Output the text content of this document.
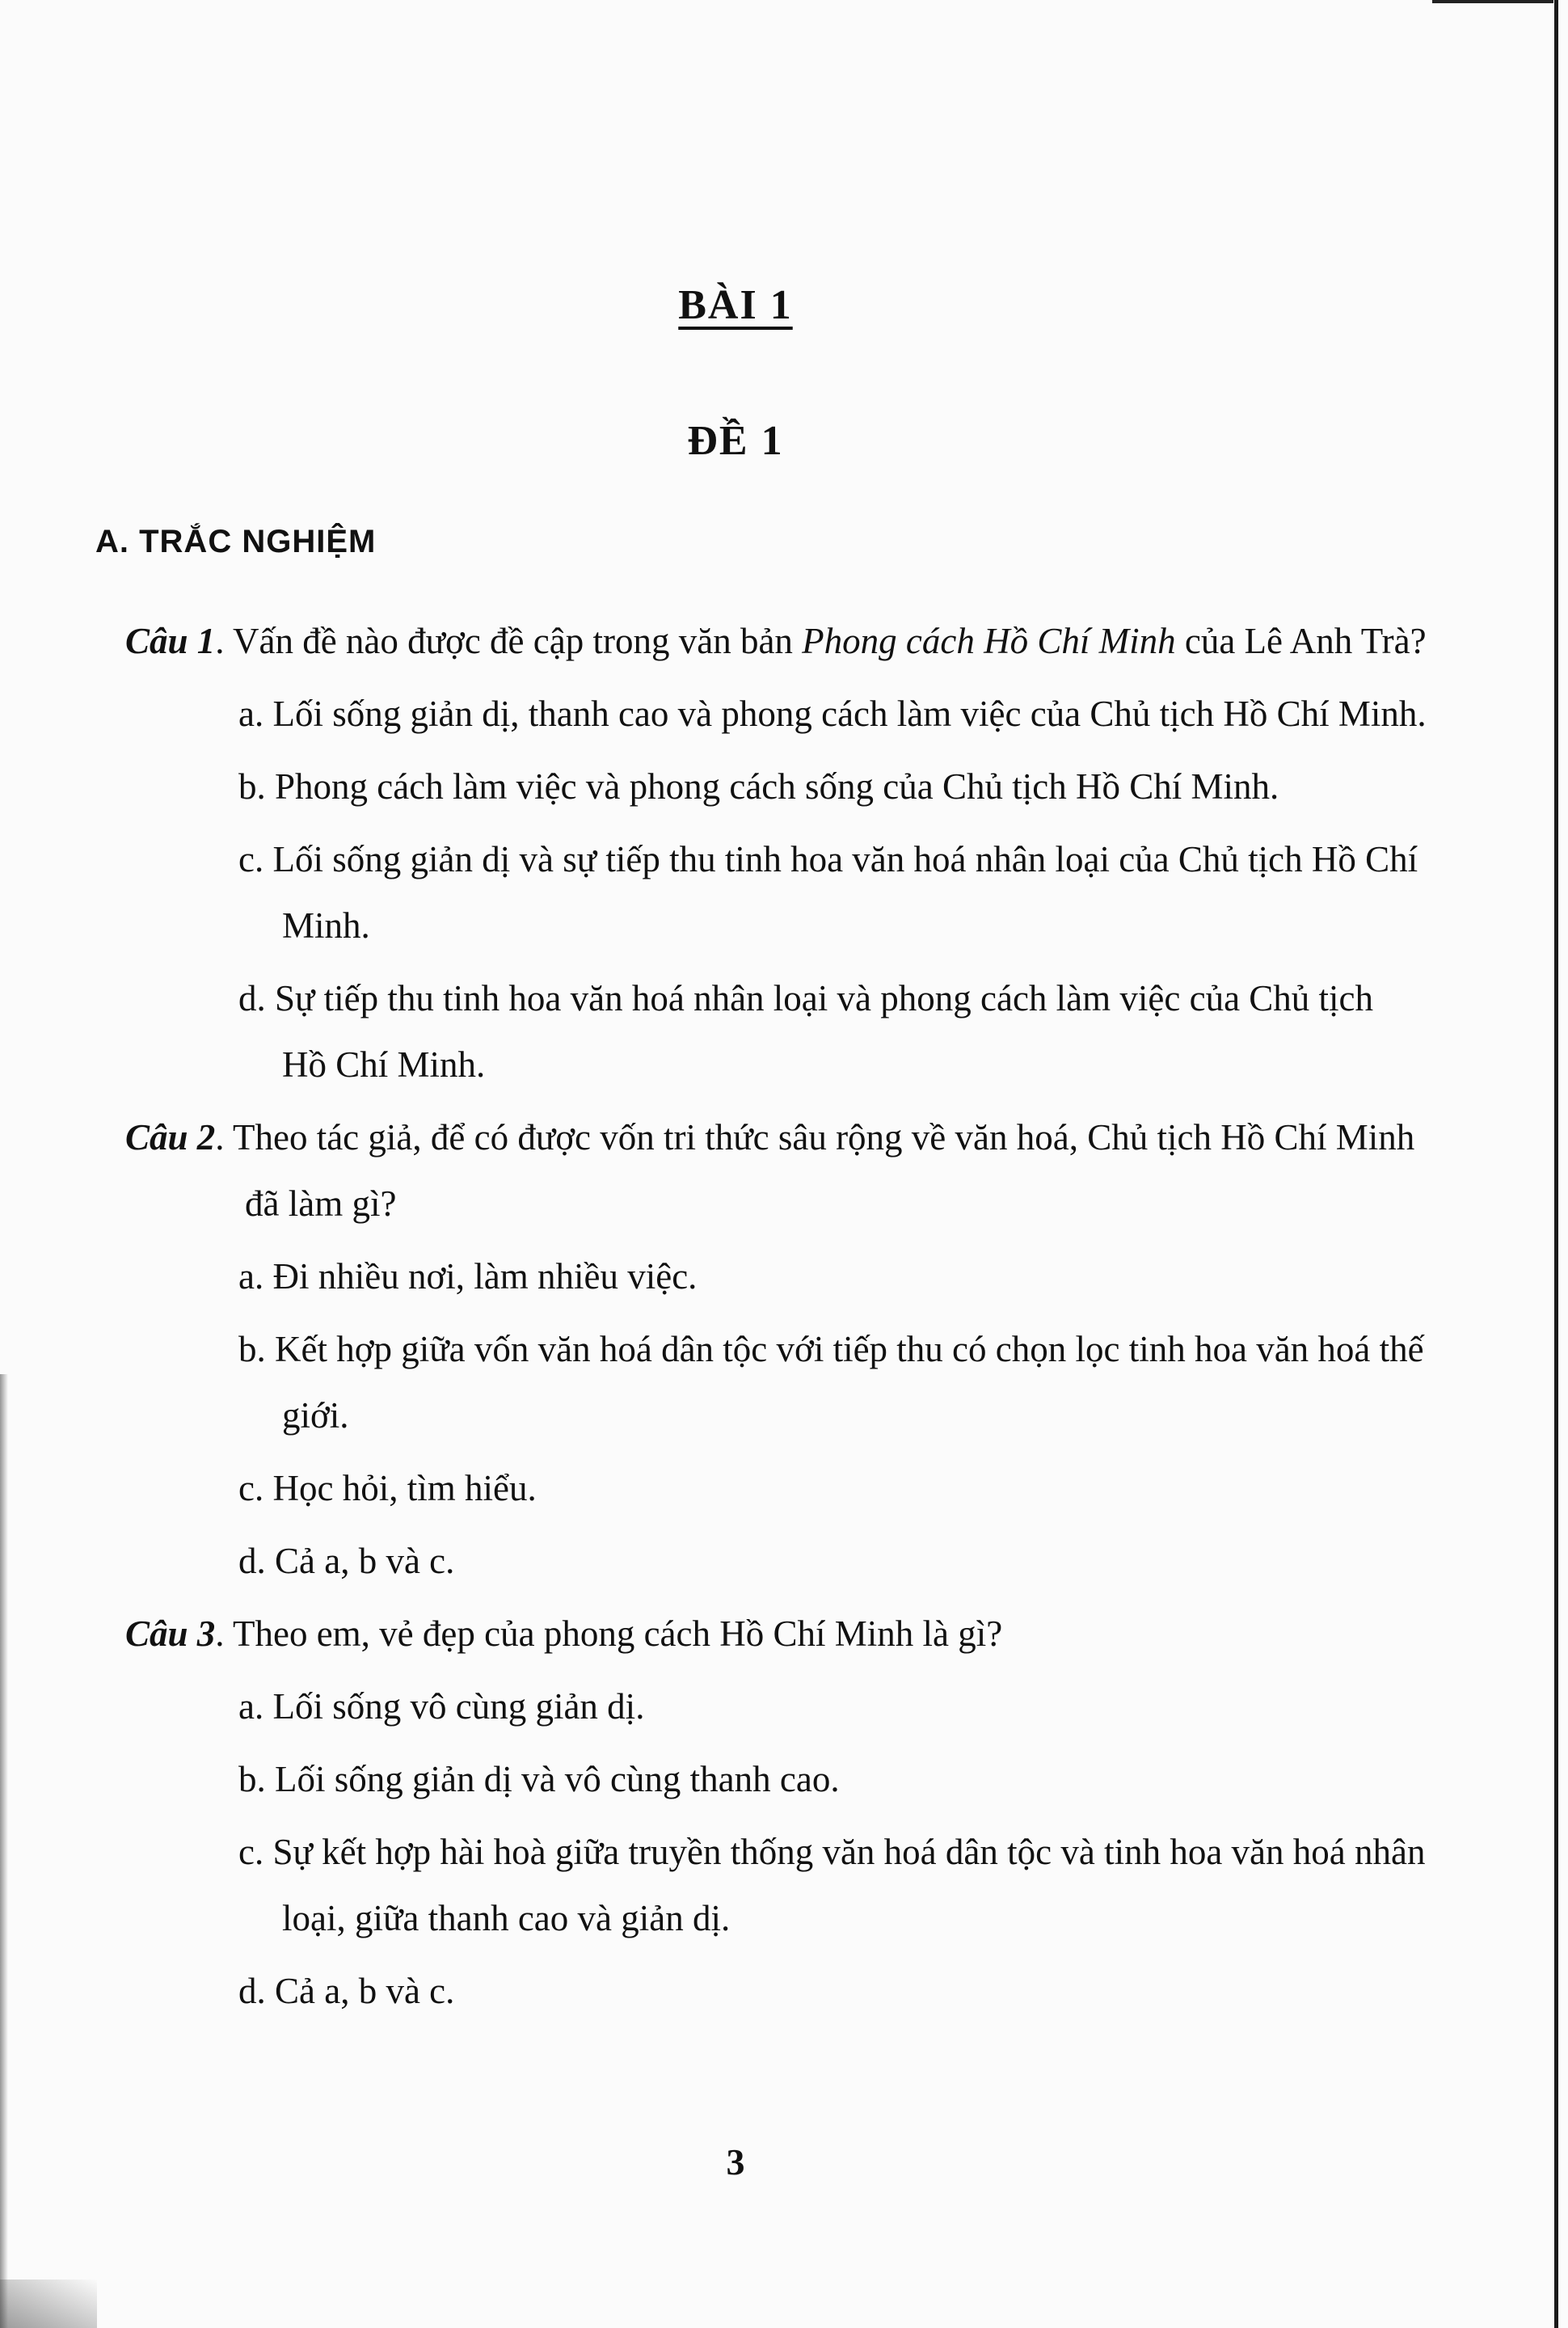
BÀI 1
ĐỀ 1
A. TRẮC NGHIỆM

Câu 1. Vấn đề nào được đề cập trong văn bản Phong cách Hồ Chí Minh của Lê Anh Trà?

a. Lối sống giản dị, thanh cao và phong cách làm việc của Chủ tịch Hồ Chí Minh.
b. Phong cách làm việc và phong cách sống của Chủ tịch Hồ Chí Minh.
c. Lối sống giản dị và sự tiếp thu tinh hoa văn hoá nhân loại của Chủ tịch Hồ Chí Minh.
d. Sự tiếp thu tinh hoa văn hoá nhân loại và phong cách làm việc của Chủ tịch Hồ Chí Minh.

Câu 2. Theo tác giả, để có được vốn tri thức sâu rộng về văn hoá, Chủ tịch Hồ Chí Minh đã làm gì?

a. Đi nhiều nơi, làm nhiều việc.
b. Kết hợp giữa vốn văn hoá dân tộc với tiếp thu có chọn lọc tinh hoa văn hoá thế giới.
c. Học hỏi, tìm hiểu.
d. Cả a, b và c.

Câu 3. Theo em, vẻ đẹp của phong cách Hồ Chí Minh là gì?

a. Lối sống vô cùng giản dị.
b. Lối sống giản dị và vô cùng thanh cao.
c. Sự kết hợp hài hoà giữa truyền thống văn hoá dân tộc và tinh hoa văn hoá nhân loại, giữa thanh cao và giản dị.
d. Cả a, b và c.
3
